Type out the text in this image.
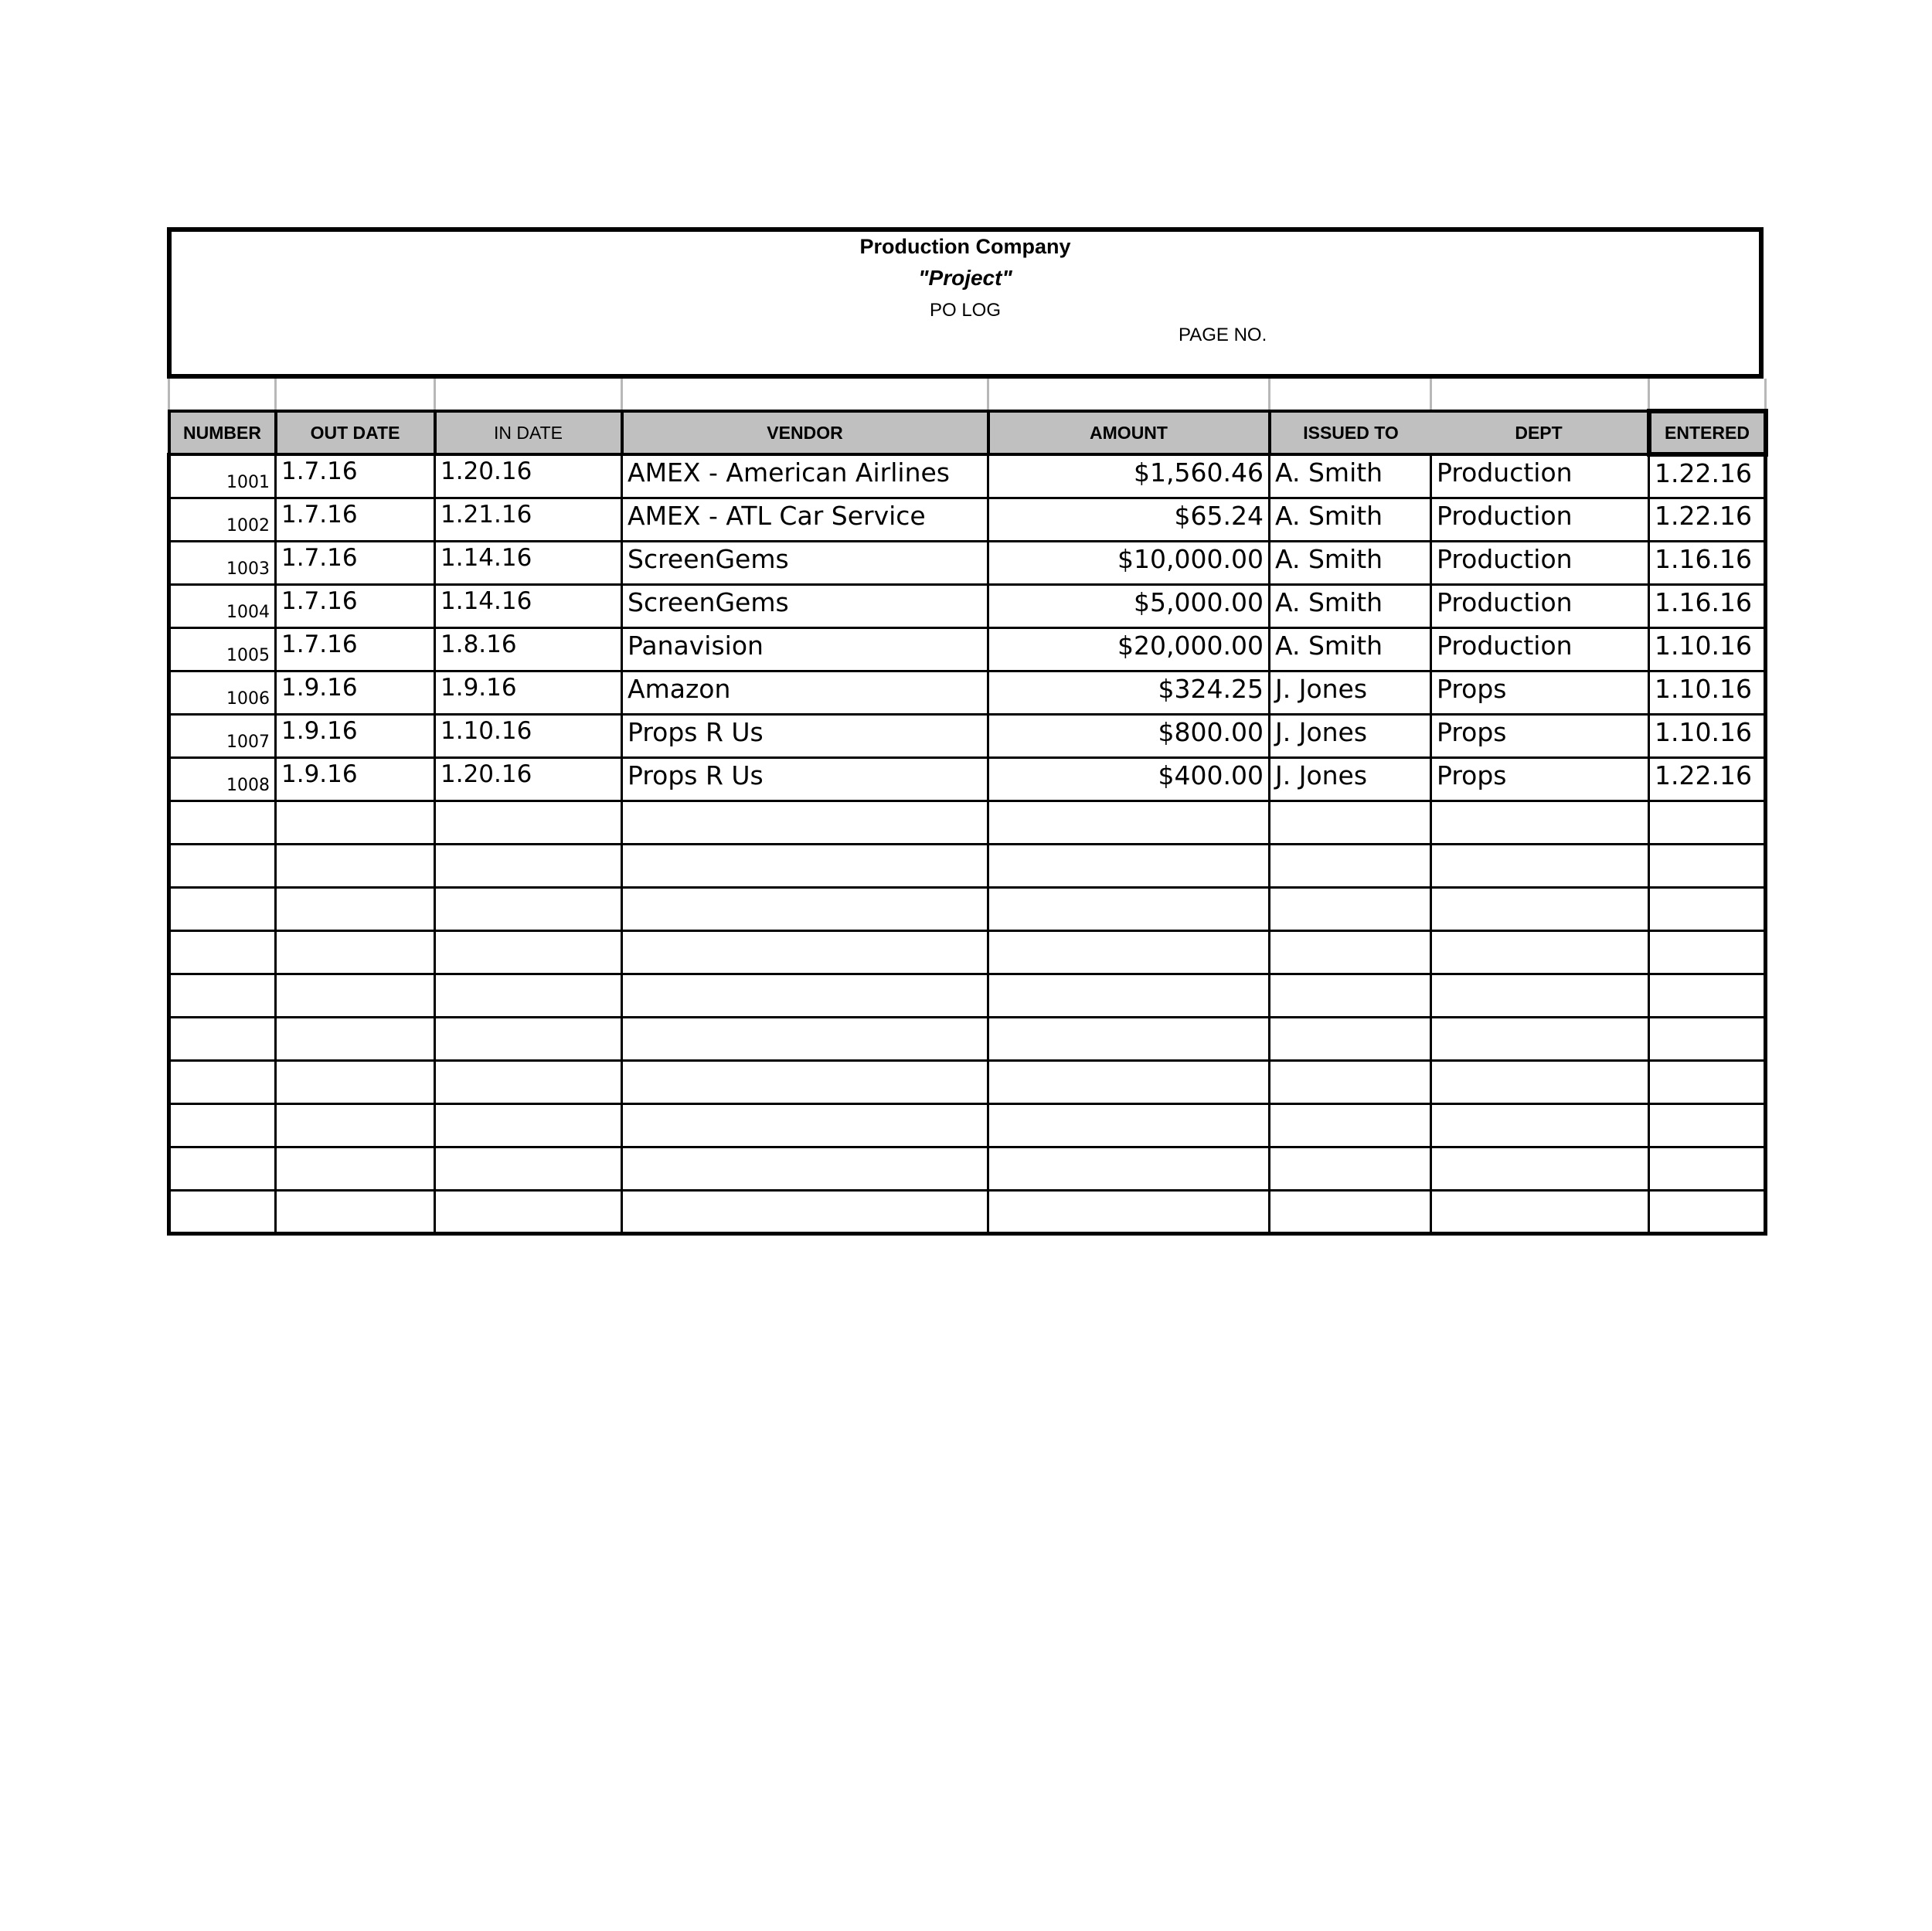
Production Company
"Project"
PO LOG
PAGE NO.

NUMBER	OUT DATE	IN DATE	VENDOR	AMOUNT	ISSUED TO	DEPT	ENTERED
1001	1.7.16	1.20.16	AMEX - American Airlines	$1,560.46	A. Smith	Production	1.22.16
1002	1.7.16	1.21.16	AMEX - ATL Car Service	$65.24	A. Smith	Production	1.22.16
1003	1.7.16	1.14.16	ScreenGems	$10,000.00	A. Smith	Production	1.16.16
1004	1.7.16	1.14.16	ScreenGems	$5,000.00	A. Smith	Production	1.16.16
1005	1.7.16	1.8.16	Panavision	$20,000.00	A. Smith	Production	1.10.16
1006	1.9.16	1.9.16	Amazon	$324.25	J. Jones	Props	1.10.16
1007	1.9.16	1.10.16	Props R Us	$800.00	J. Jones	Props	1.10.16
1008	1.9.16	1.20.16	Props R Us	$400.00	J. Jones	Props	1.22.16
